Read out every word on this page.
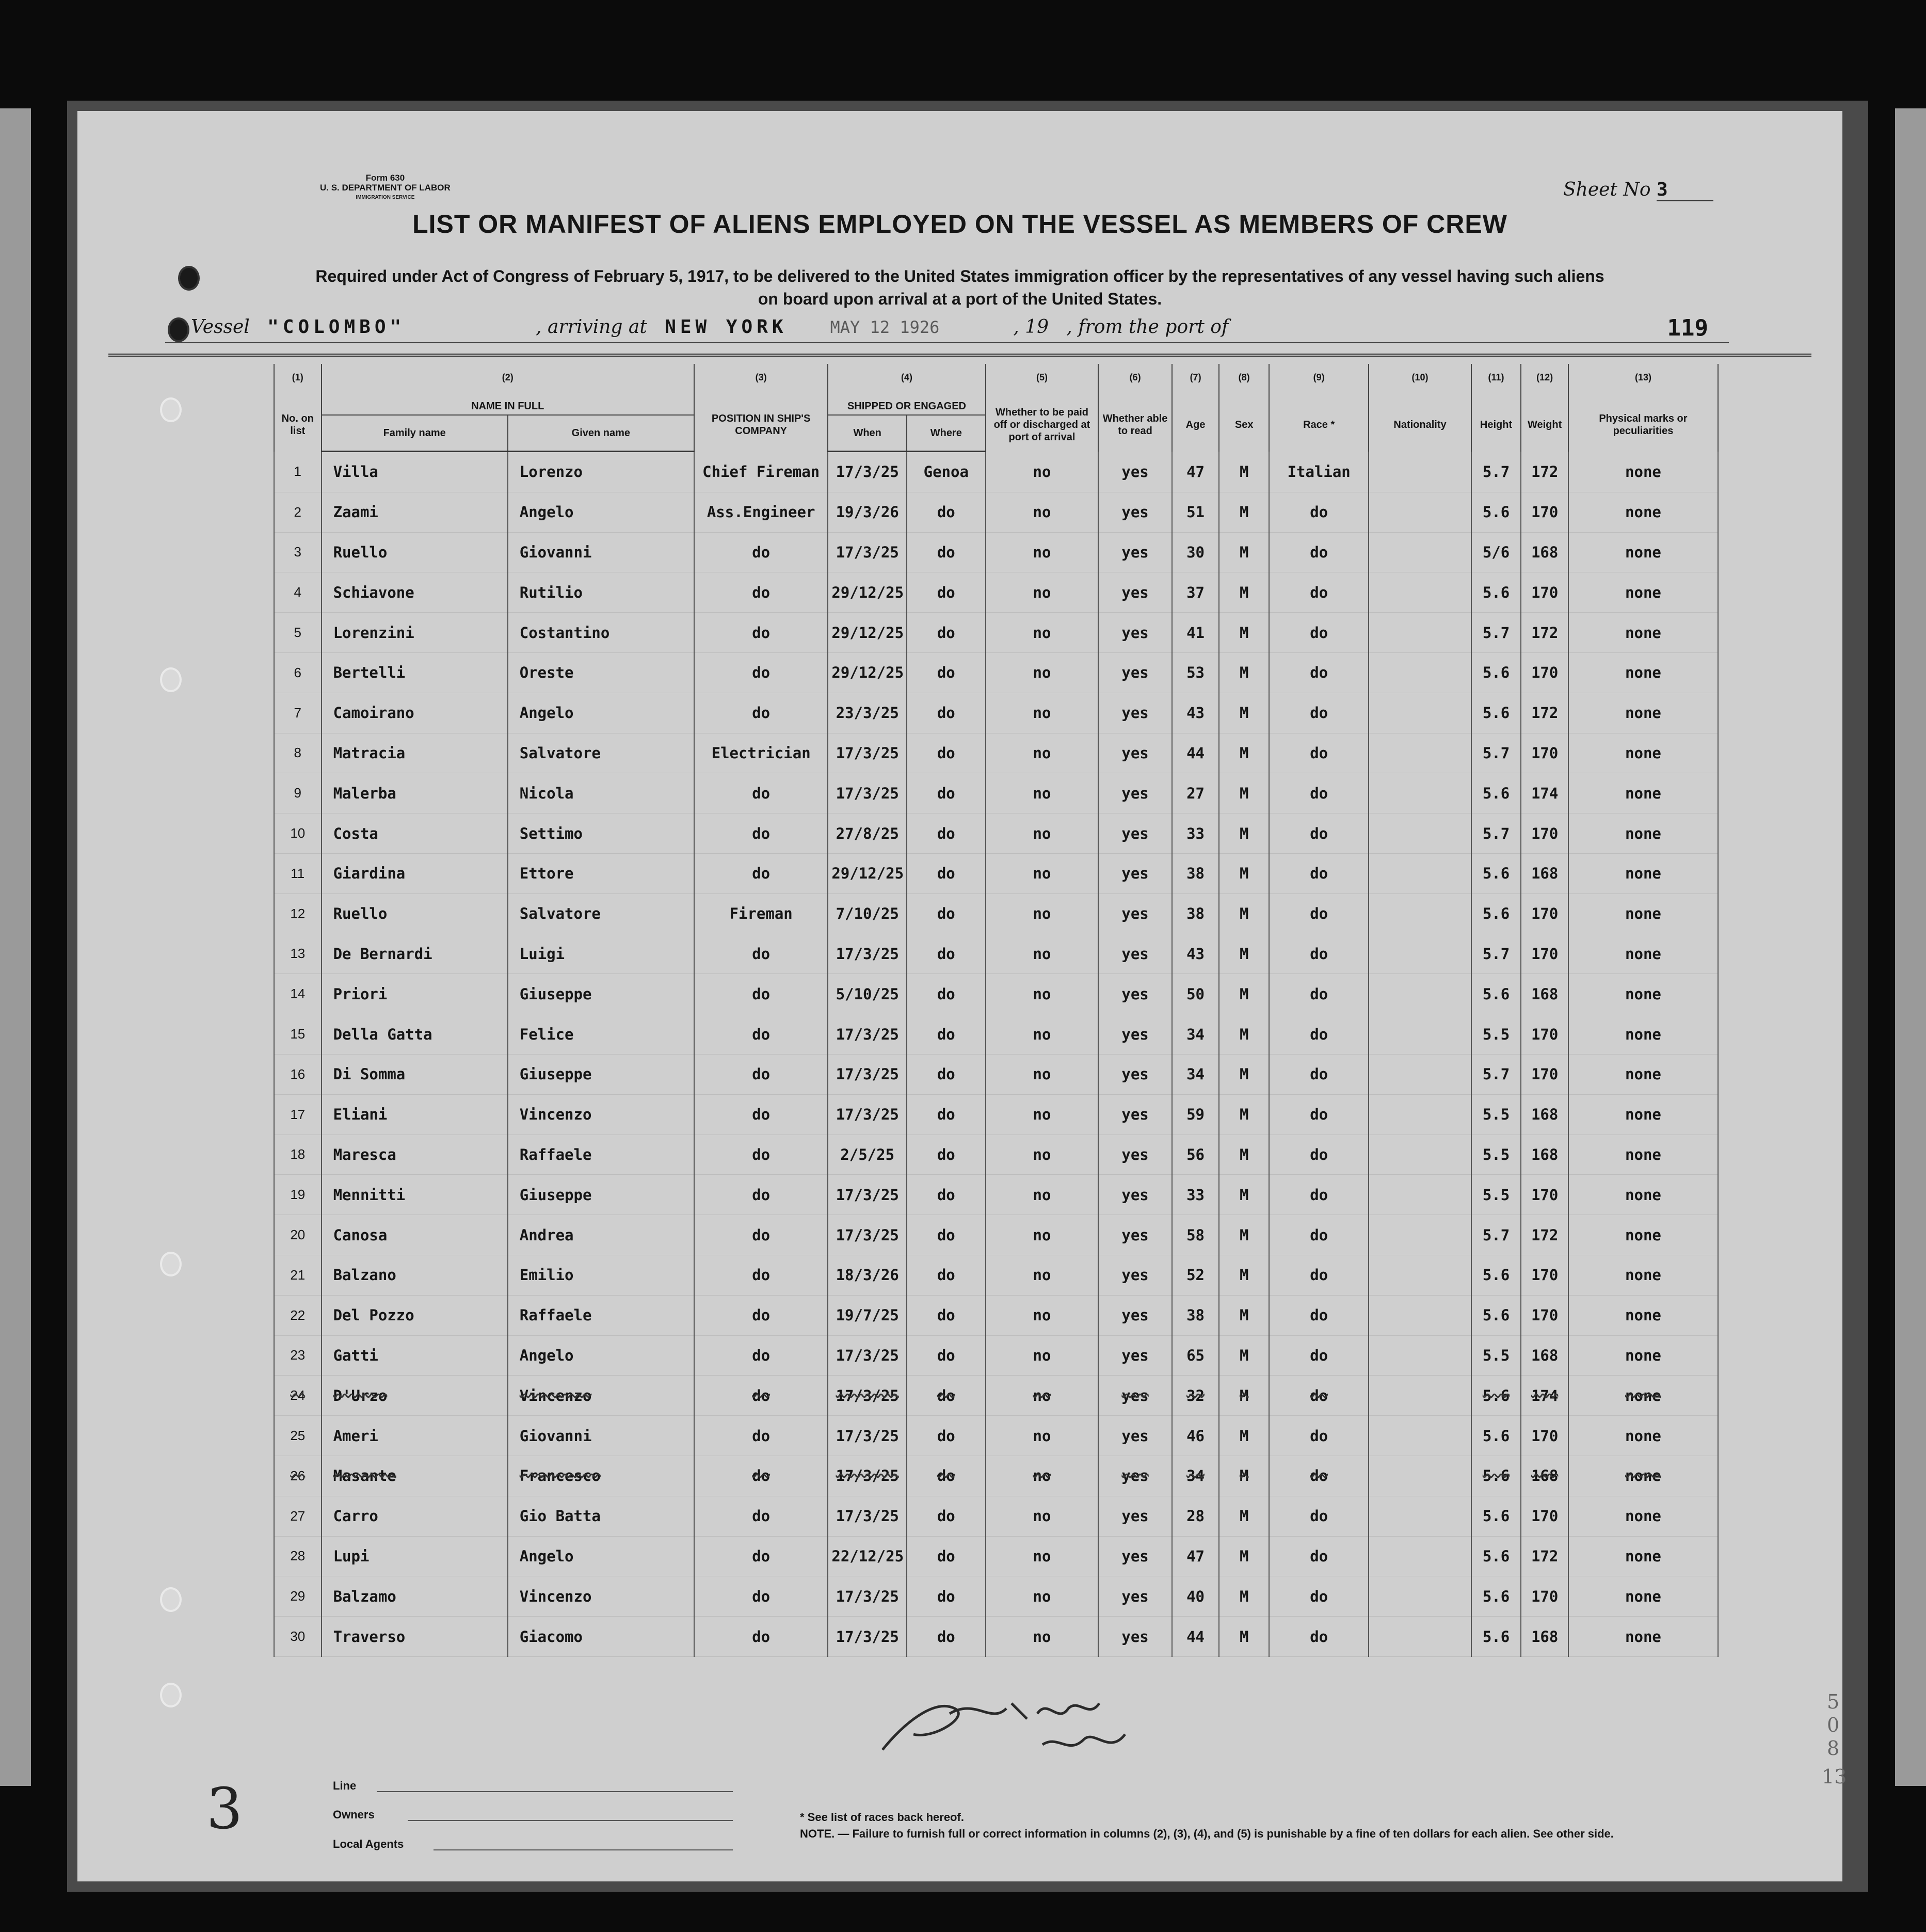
Form 630
U. S. DEPARTMENT OF LABOR
IMMIGRATION SERVICE	Sheet No 3
LIST OR MANIFEST OF ALIENS EMPLOYED ON THE VESSEL AS MEMBERS OF CREW
Required under Act of Congress of February 5, 1917, to be delivered to the United States immigration officer by the representatives of any vessel having such aliens
on board upon arrival at a port of the United States.
Vessel "COLOMBO"	, arriving at NEW YORK	MAY 12 1926	, 19 , from the port of	119
(1)	(2)		(3)	(4)		(5)	(6)	(7)	(8)	(9)	(10)	(11)	(12)	(13)
No. on list	NAME IN FULL		POSITION IN SHIP'S COMPANY	SHIPPED OR ENGAGED		Whether to be paid off or discharged at port of arrival	Whether able to read	Age	Sex	Race *	Nationality	Height	Weight	Physical marks or peculiarities
	Family name	Given name		When	Where									
1	Villa	Lorenzo	Chief Fireman	17/3/25	Genoa	no	yes	47	M	Italian		5.7	172	none
2	Zaami	Angelo	Ass.Engineer	19/3/26	do	no	yes	51	M	do		5.6	170	none
3	Ruello	Giovanni	do	17/3/25	do	no	yes	30	M	do		5/6	168	none
4	Schiavone	Rutilio	do	29/12/25	do	no	yes	37	M	do		5.6	170	none
5	Lorenzini	Costantino	do	29/12/25	do	no	yes	41	M	do		5.7	172	none
6	Bertelli	Oreste	do	29/12/25	do	no	yes	53	M	do		5.6	170	none
7	Camoirano	Angelo	do	23/3/25	do	no	yes	43	M	do		5.6	172	none
8	Matracia	Salvatore	Electrician	17/3/25	do	no	yes	44	M	do		5.7	170	none
9	Malerba	Nicola	do	17/3/25	do	no	yes	27	M	do		5.6	174	none
10	Costa	Settimo	do	27/8/25	do	no	yes	33	M	do		5.7	170	none
11	Giardina	Ettore	do	29/12/25	do	no	yes	38	M	do		5.6	168	none
12	Ruello	Salvatore	Fireman	7/10/25	do	no	yes	38	M	do		5.6	170	none
13	De Bernardi	Luigi	do	17/3/25	do	no	yes	43	M	do		5.7	170	none
14	Priori	Giuseppe	do	5/10/25	do	no	yes	50	M	do		5.6	168	none
15	Della Gatta	Felice	do	17/3/25	do	no	yes	34	M	do		5.5	170	none
16	Di Somma	Giuseppe	do	17/3/25	do	no	yes	34	M	do		5.7	170	none
17	Eliani	Vincenzo	do	17/3/25	do	no	yes	59	M	do		5.5	168	none
18	Maresca	Raffaele	do	2/5/25	do	no	yes	56	M	do		5.5	168	none
19	Mennitti	Giuseppe	do	17/3/25	do	no	yes	33	M	do		5.5	170	none
20	Canosa	Andrea	do	17/3/25	do	no	yes	58	M	do		5.7	172	none
21	Balzano	Emilio	do	18/3/26	do	no	yes	52	M	do		5.6	170	none
22	Del Pozzo	Raffaele	do	19/7/25	do	no	yes	38	M	do		5.6	170	none
23	Gatti	Angelo	do	17/3/25	do	no	yes	65	M	do		5.5	168	none
24	D'Urzo	Vincenzo	do	17/3/25	do	no	yes	32	M	do		5.6	174	none
25	Ameri	Giovanni	do	17/3/25	do	no	yes	46	M	do		5.6	170	none
26	Masante	Francesco	do	17/3/25	do	no	yes	34	M	do		5.6	168	none
27	Carro	Gio Batta	do	17/3/25	do	no	yes	28	M	do		5.6	170	none
28	Lupi	Angelo	do	22/12/25	do	no	yes	47	M	do		5.6	172	none
29	Balzamo	Vincenzo	do	17/3/25	do	no	yes	40	M	do		5.6	170	none
30	Traverso	Giacomo	do	17/3/25	do	no	yes	44	M	do		5.6	168	none
3	Line
Owners
Local Agents
* See list of races back hereof.
NOTE. — Failure to furnish full or correct information in columns (2), (3), (4), and (5) is punishable by a fine of ten dollars for each alien. See other side.
5
0
8
13
